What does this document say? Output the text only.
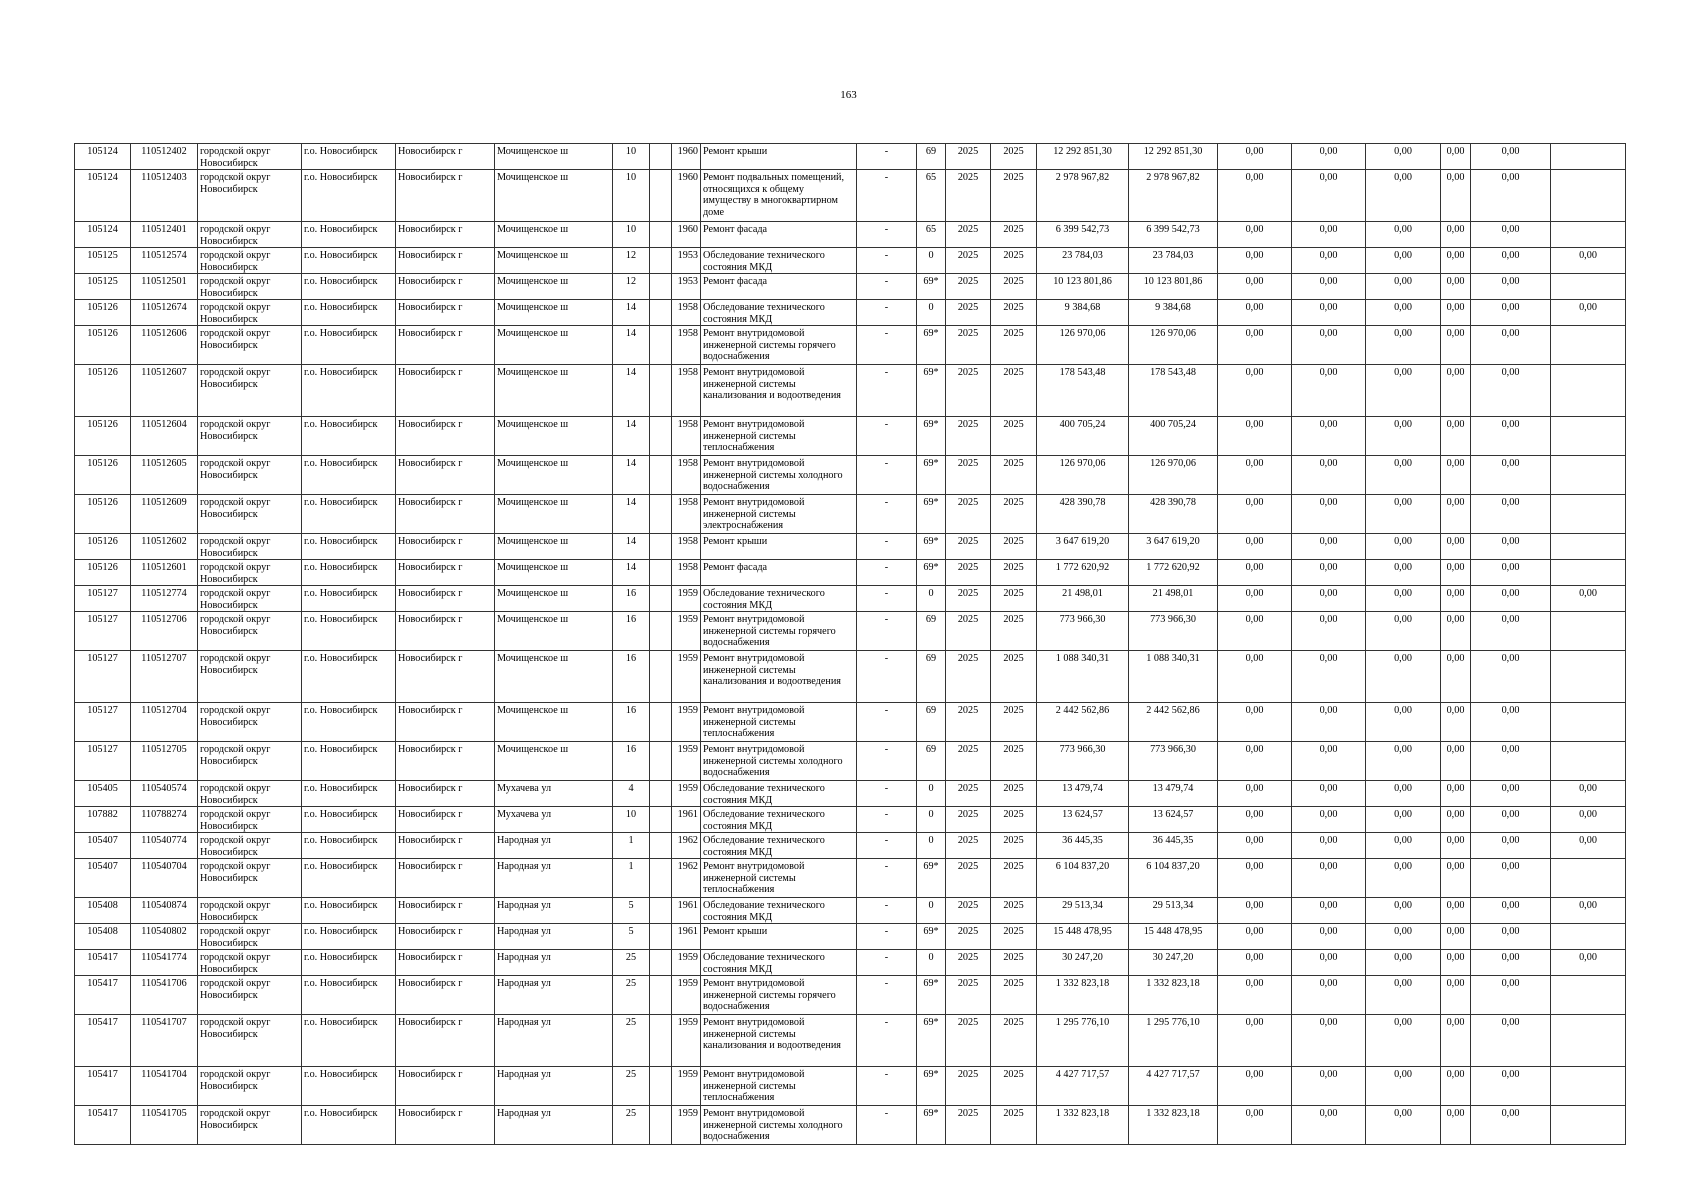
163
105124	110512402	городской округ Новосибирск	г.о. Новосибирск	Новосибирск г	Мочищенское ш	10		1960	Ремонт крыши	-	69	2025	2025	12 292 851,30	12 292 851,30	0,00	0,00	0,00	0,00	0,00	
105124	110512403	городской округ Новосибирск	г.о. Новосибирск	Новосибирск г	Мочищенское ш	10		1960	Ремонт подвальных помещений, относящихся к общему имуществу в многоквартирном доме	-	65	2025	2025	2 978 967,82	2 978 967,82	0,00	0,00	0,00	0,00	0,00	
105124	110512401	городской округ Новосибирск	г.о. Новосибирск	Новосибирск г	Мочищенское ш	10		1960	Ремонт фасада	-	65	2025	2025	6 399 542,73	6 399 542,73	0,00	0,00	0,00	0,00	0,00	
105125	110512574	городской округ Новосибирск	г.о. Новосибирск	Новосибирск г	Мочищенское ш	12		1953	Обследование технического состояния МКД	-	0	2025	2025	23 784,03	23 784,03	0,00	0,00	0,00	0,00	0,00	0,00
105125	110512501	городской округ Новосибирск	г.о. Новосибирск	Новосибирск г	Мочищенское ш	12		1953	Ремонт фасада	-	69*	2025	2025	10 123 801,86	10 123 801,86	0,00	0,00	0,00	0,00	0,00	
105126	110512674	городской округ Новосибирск	г.о. Новосибирск	Новосибирск г	Мочищенское ш	14		1958	Обследование технического состояния МКД	-	0	2025	2025	9 384,68	9 384,68	0,00	0,00	0,00	0,00	0,00	0,00
105126	110512606	городской округ Новосибирск	г.о. Новосибирск	Новосибирск г	Мочищенское ш	14		1958	Ремонт внутридомовой инженерной системы горячего водоснабжения	-	69*	2025	2025	126 970,06	126 970,06	0,00	0,00	0,00	0,00	0,00	
105126	110512607	городской округ Новосибирск	г.о. Новосибирск	Новосибирск г	Мочищенское ш	14		1958	Ремонт внутридомовой инженерной системы канализования и водоотведения	-	69*	2025	2025	178 543,48	178 543,48	0,00	0,00	0,00	0,00	0,00	
105126	110512604	городской округ Новосибирск	г.о. Новосибирск	Новосибирск г	Мочищенское ш	14		1958	Ремонт внутридомовой инженерной системы теплоснабжения	-	69*	2025	2025	400 705,24	400 705,24	0,00	0,00	0,00	0,00	0,00	
105126	110512605	городской округ Новосибирск	г.о. Новосибирск	Новосибирск г	Мочищенское ш	14		1958	Ремонт внутридомовой инженерной системы холодного водоснабжения	-	69*	2025	2025	126 970,06	126 970,06	0,00	0,00	0,00	0,00	0,00	
105126	110512609	городской округ Новосибирск	г.о. Новосибирск	Новосибирск г	Мочищенское ш	14		1958	Ремонт внутридомовой инженерной системы электроснабжения	-	69*	2025	2025	428 390,78	428 390,78	0,00	0,00	0,00	0,00	0,00	
105126	110512602	городской округ Новосибирск	г.о. Новосибирск	Новосибирск г	Мочищенское ш	14		1958	Ремонт крыши	-	69*	2025	2025	3 647 619,20	3 647 619,20	0,00	0,00	0,00	0,00	0,00	
105126	110512601	городской округ Новосибирск	г.о. Новосибирск	Новосибирск г	Мочищенское ш	14		1958	Ремонт фасада	-	69*	2025	2025	1 772 620,92	1 772 620,92	0,00	0,00	0,00	0,00	0,00	
105127	110512774	городской округ Новосибирск	г.о. Новосибирск	Новосибирск г	Мочищенское ш	16		1959	Обследование технического состояния МКД	-	0	2025	2025	21 498,01	21 498,01	0,00	0,00	0,00	0,00	0,00	0,00
105127	110512706	городской округ Новосибирск	г.о. Новосибирск	Новосибирск г	Мочищенское ш	16		1959	Ремонт внутридомовой инженерной системы горячего водоснабжения	-	69	2025	2025	773 966,30	773 966,30	0,00	0,00	0,00	0,00	0,00	
105127	110512707	городской округ Новосибирск	г.о. Новосибирск	Новосибирск г	Мочищенское ш	16		1959	Ремонт внутридомовой инженерной системы канализования и водоотведения	-	69	2025	2025	1 088 340,31	1 088 340,31	0,00	0,00	0,00	0,00	0,00	
105127	110512704	городской округ Новосибирск	г.о. Новосибирск	Новосибирск г	Мочищенское ш	16		1959	Ремонт внутридомовой инженерной системы теплоснабжения	-	69	2025	2025	2 442 562,86	2 442 562,86	0,00	0,00	0,00	0,00	0,00	
105127	110512705	городской округ Новосибирск	г.о. Новосибирск	Новосибирск г	Мочищенское ш	16		1959	Ремонт внутридомовой инженерной системы холодного водоснабжения	-	69	2025	2025	773 966,30	773 966,30	0,00	0,00	0,00	0,00	0,00	
105405	110540574	городской округ Новосибирск	г.о. Новосибирск	Новосибирск г	Мухачева ул	4		1959	Обследование технического состояния МКД	-	0	2025	2025	13 479,74	13 479,74	0,00	0,00	0,00	0,00	0,00	0,00
107882	110788274	городской округ Новосибирск	г.о. Новосибирск	Новосибирск г	Мухачева ул	10		1961	Обследование технического состояния МКД	-	0	2025	2025	13 624,57	13 624,57	0,00	0,00	0,00	0,00	0,00	0,00
105407	110540774	городской округ Новосибирск	г.о. Новосибирск	Новосибирск г	Народная ул	1		1962	Обследование технического состояния МКД	-	0	2025	2025	36 445,35	36 445,35	0,00	0,00	0,00	0,00	0,00	0,00
105407	110540704	городской округ Новосибирск	г.о. Новосибирск	Новосибирск г	Народная ул	1		1962	Ремонт внутридомовой инженерной системы теплоснабжения	-	69*	2025	2025	6 104 837,20	6 104 837,20	0,00	0,00	0,00	0,00	0,00	
105408	110540874	городской округ Новосибирск	г.о. Новосибирск	Новосибирск г	Народная ул	5		1961	Обследование технического состояния МКД	-	0	2025	2025	29 513,34	29 513,34	0,00	0,00	0,00	0,00	0,00	0,00
105408	110540802	городской округ Новосибирск	г.о. Новосибирск	Новосибирск г	Народная ул	5		1961	Ремонт крыши	-	69*	2025	2025	15 448 478,95	15 448 478,95	0,00	0,00	0,00	0,00	0,00	
105417	110541774	городской округ Новосибирск	г.о. Новосибирск	Новосибирск г	Народная ул	25		1959	Обследование технического состояния МКД	-	0	2025	2025	30 247,20	30 247,20	0,00	0,00	0,00	0,00	0,00	0,00
105417	110541706	городской округ Новосибирск	г.о. Новосибирск	Новосибирск г	Народная ул	25		1959	Ремонт внутридомовой инженерной системы горячего водоснабжения	-	69*	2025	2025	1 332 823,18	1 332 823,18	0,00	0,00	0,00	0,00	0,00	
105417	110541707	городской округ Новосибирск	г.о. Новосибирск	Новосибирск г	Народная ул	25		1959	Ремонт внутридомовой инженерной системы канализования и водоотведения	-	69*	2025	2025	1 295 776,10	1 295 776,10	0,00	0,00	0,00	0,00	0,00	
105417	110541704	городской округ Новосибирск	г.о. Новосибирск	Новосибирск г	Народная ул	25		1959	Ремонт внутридомовой инженерной системы теплоснабжения	-	69*	2025	2025	4 427 717,57	4 427 717,57	0,00	0,00	0,00	0,00	0,00	
105417	110541705	городской округ Новосибирск	г.о. Новосибирск	Новосибирск г	Народная ул	25		1959	Ремонт внутридомовой инженерной системы холодного водоснабжения	-	69*	2025	2025	1 332 823,18	1 332 823,18	0,00	0,00	0,00	0,00	0,00	
